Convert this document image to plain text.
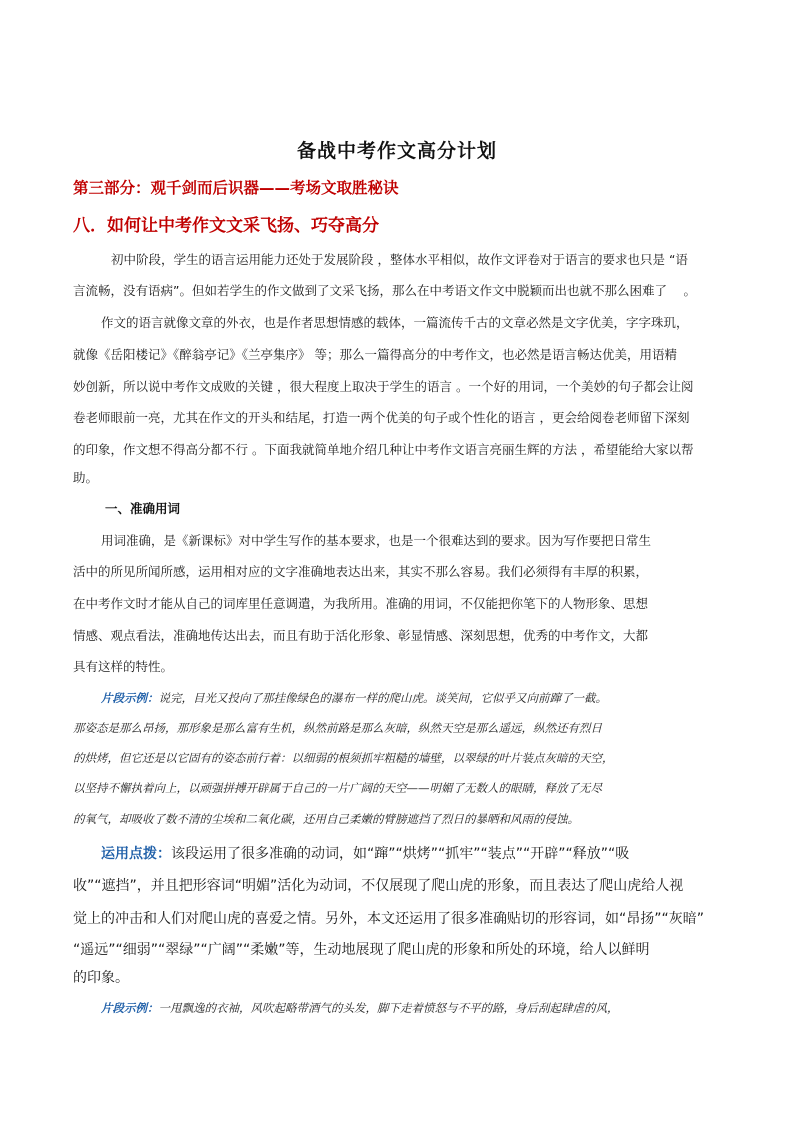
备战中考作文高分计划
第三部分：观千剑而后识器——考场文取胜秘诀
八．如何让中考作文文采飞扬、巧夺高分
初中阶段，学生的语言运用能力还处于发展阶段 ，整体水平相似，故作文评卷对于语言的要求也只是 “语
言流畅，没有语病”。但如若学生的作文做到了文采飞扬，那么在中考语文作文中脱颖而出也就不那么困难了　 。
作文的语言就像文章的外衣，也是作者思想情感的载体，一篇流传千古的文章必然是文字优美，字字珠玑，
就像《岳阳楼记》《醉翁亭记》《兰亭集序》 等；那么一篇得高分的中考作文，也必然是语言畅达优美，用语精
妙创新，所以说中考作文成败的关键 ，很大程度上取决于学生的语言 。一个好的用词，一个美妙的句子都会让阅
卷老师眼前一亮，尤其在作文的开头和结尾，打造一两个优美的句子或个性化的语言 ，更会给阅卷老师留下深刻
的印象，作文想不得高分都不行 。下面我就简单地介绍几种让中考作文语言亮丽生辉的方法 ，希望能给大家以帮
助。
一、准确用词
用词准确，是《新课标》对中学生写作的基本要求，也是一个很难达到的要求。因为写作要把日常生
活中的所见所闻所感，运用相对应的文字准确地表达出来，其实不那么容易。我们必须得有丰厚的积累，
在中考作文时才能从自己的词库里任意调遣，为我所用。准确的用词，不仅能把你笔下的人物形象、思想
情感、观点看法，准确地传达出去，而且有助于活化形象、彰显情感、深刻思想，优秀的中考作文，大都
具有这样的特性。
片段示例：说完，目光又投向了那挂像绿色的瀑布一样的爬山虎。谈笑间，它似乎又向前蹿了一截。
那姿态是那么昂扬，那形象是那么富有生机，纵然前路是那么灰暗，纵然天空是那么遥远，纵然还有烈日
的烘烤，但它还是以它固有的姿态前行着：以细弱的根须抓牢粗糙的墙壁，以翠绿的叶片装点灰暗的天空，
以坚持不懈执着向上，以顽强拼搏开辟属于自己的一片广阔的天空——明媚了无数人的眼睛，释放了无尽
的氧气，却吸收了数不清的尘埃和二氧化碳，还用自己柔嫩的臂膀遮挡了烈日的暴晒和风雨的侵蚀。
运用点拨：该段运用了很多准确的动词，如“蹿”“烘烤”“抓牢”“装点”“开辟”“释放”“吸
收”“遮挡”，并且把形容词“明媚”活化为动词，不仅展现了爬山虎的形象，而且表达了爬山虎给人视
觉上的冲击和人们对爬山虎的喜爱之情。另外，本文还运用了很多准确贴切的形容词，如“昂扬”“灰暗”
“遥远”“细弱”“翠绿”“广阔”“柔嫩”等，生动地展现了爬山虎的形象和所处的环境，给人以鲜明
的印象。
片段示例：一甩飘逸的衣袖，风吹起略带酒气的头发，脚下走着愤怒与不平的路，身后刮起肆虐的风，
